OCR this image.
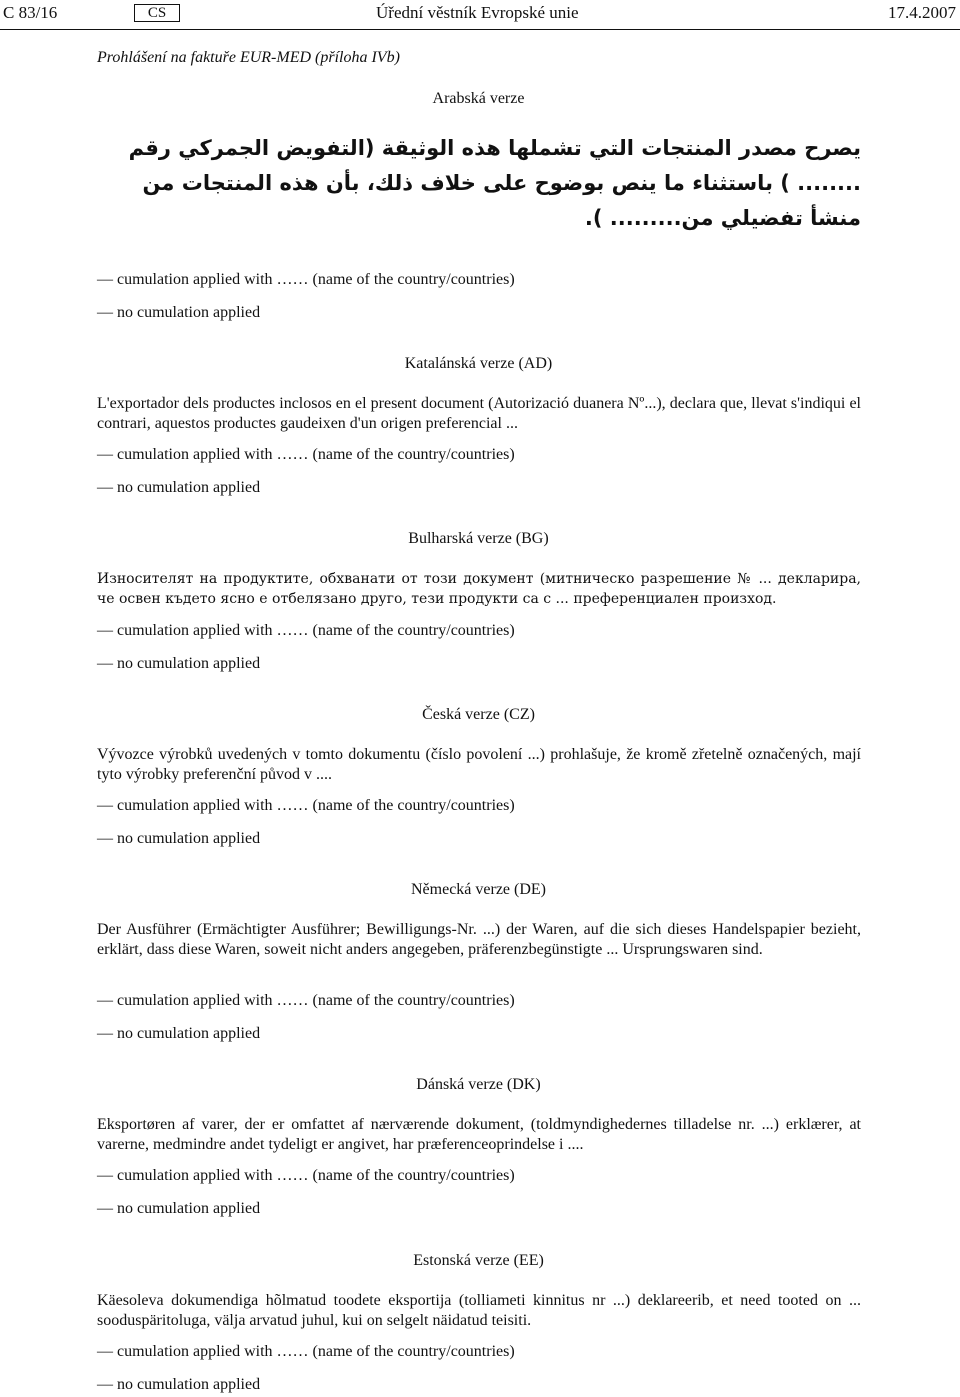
C 83/16	CS	Úřední věstník Evropské unie	17.4.2007
Prohlášení na faktuře EUR-MED (příloha IVb)
Arabská verze
يصرح مصدر المنتجات التي تشملها هذه الوثيقة (التفويض الجمركي رقم ........ ) باستثناء ما ينص بوضوح على خلاف ذلك، بأن هذه المنتجات من منشأ تفضيلي من......... ).
— cumulation applied with …… (name of the country/countries)
— no cumulation applied
Katalánská verze (AD)
L'exportador dels productes inclosos en el present document (Autorizació duanera Nº...), declara que, llevat s'indiqui el contrari, aquestos productes gaudeixen d'un origen preferencial ...
— cumulation applied with …… (name of the country/countries)
— no cumulation applied
Bulharská verze (BG)
Износителят на продуктите, обхванати от този документ (митническо разрешение № ... декларира, че освен където ясно е отбелязано друго, тези продукти са с ... преференциален произход.
— cumulation applied with …… (name of the country/countries)
— no cumulation applied
Česká verze (CZ)
Vývozce výrobků uvedených v tomto dokumentu (číslo povolení ...) prohlašuje, že kromě zřetelně označených, mají tyto výrobky preferenční původ v ....
— cumulation applied with …… (name of the country/countries)
— no cumulation applied
Německá verze (DE)
Der Ausführer (Ermächtigter Ausführer; Bewilligungs-Nr. ...) der Waren, auf die sich dieses Handelspapier bezieht, erklärt, dass diese Waren, soweit nicht anders angegeben, präferenzbegünstigte ... Ursprungswaren sind.
— cumulation applied with …… (name of the country/countries)
— no cumulation applied
Dánská verze (DK)
Eksportøren af varer, der er omfattet af nærværende dokument, (toldmyndighedernes tilladelse nr. ...) erklærer, at varerne, medmindre andet tydeligt er angivet, har præferenceoprindelse i ....
— cumulation applied with …… (name of the country/countries)
— no cumulation applied
Estonská verze (EE)
Käesoleva dokumendiga hõlmatud toodete eksportija (tolliameti kinnitus nr ...) deklareerib, et need tooted on ... sooduspäritoluga, välja arvatud juhul, kui on selgelt näidatud teisiti.
— cumulation applied with …… (name of the country/countries)
— no cumulation applied
